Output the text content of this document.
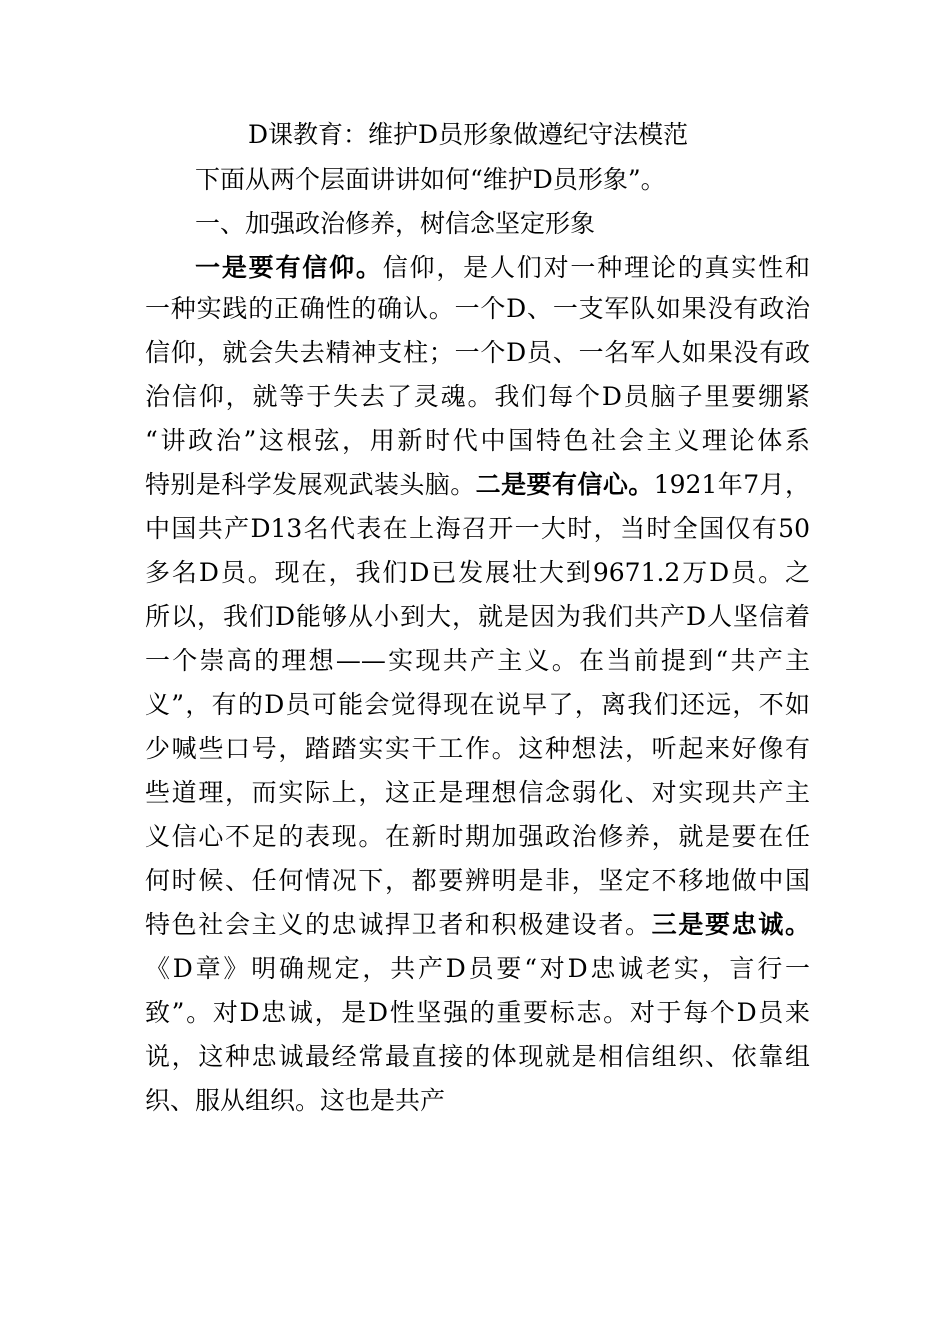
D课教育：维护D员形象做遵纪守法模范
下面从两个层面讲讲如何“维护D员形象”。
一、加强政治修养，树信念坚定形象
一是要有信仰。信仰，是人们对一种理论的真实性和
一种实践的正确性的确认。一个D、一支军队如果没有政治
信仰，就会失去精神支柱；一个D员、一名军人如果没有政
治信仰，就等于失去了灵魂。我们每个D员脑子里要绷紧
“讲政治”这根弦，用新时代中国特色社会主义理论体系
特别是科学发展观武装头脑。二是要有信心。1921年7月，
中国共产D13名代表在上海召开一大时，当时全国仅有50
多名D员。现在，我们D已发展壮大到9671.2万D员。之
所以，我们D能够从小到大，就是因为我们共产D人坚信着
一个崇高的理想——实现共产主义。在当前提到“共产主
义”，有的D员可能会觉得现在说早了，离我们还远，不如
少喊些口号，踏踏实实干工作。这种想法，听起来好像有
些道理，而实际上，这正是理想信念弱化、对实现共产主
义信心不足的表现。在新时期加强政治修养，就是要在任
何时候、任何情况下，都要辨明是非，坚定不移地做中国
特色社会主义的忠诚捍卫者和积极建设者。三是要忠诚。
《D章》明确规定，共产D员要“对D忠诚老实，言行一
致”。对D忠诚，是D性坚强的重要标志。对于每个D员来
说，这种忠诚最经常最直接的体现就是相信组织、依靠组
织、服从组织。这也是共产
